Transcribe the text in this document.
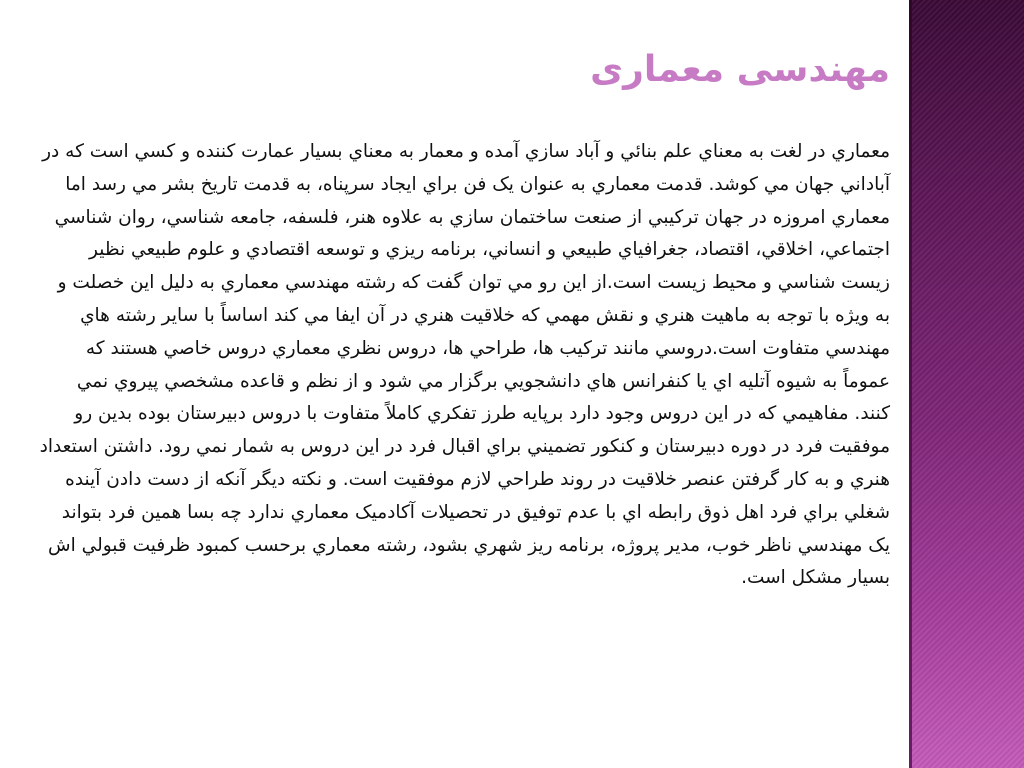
مهندسی معماری

معماري در لغت به معناي علم بنائي و آباد سازي آمده و معمار به معناي بسيار عمارت كننده و كسي است كه در آباداني جهان مي كوشد. قدمت معماري به عنوان يک فن براي ايجاد سرپناه، به قدمت تاريخ بشر مي رسد اما معماري امروزه در جهان تركيبي از صنعت ساختمان سازي به علاوه هنر، فلسفه، جامعه شناسي، روان شناسي اجتماعي، اخلاقي، اقتصاد، جغرافياي طبيعي و انساني، برنامه ريزي و توسعه اقتصادي و علوم طبيعي نظير زيست شناسي و محيط زيست است.از اين رو مي توان گفت كه رشته مهندسي معماري به دليل اين خصلت و به ويژه با توجه به ماهيت هنري و نقش مهمي كه خلاقيت هنري در آن ايفا مي كند اساساً با ساير رشته هاي مهندسي متفاوت است.دروسي مانند تركيب ها، طراحي ها، دروس نظري معماري دروس خاصي هستند كه عموماً به شيوه آتليه اي يا كنفرانس هاي دانشجويي برگزار مي شود و از نظم و قاعده مشخصي پيروي نمي كنند. مفاهيمي كه در اين دروس وجود دارد برپايه طرز تفكري كاملاً متفاوت با دروس دبيرستان بوده بدين رو موفقيت فرد در دوره دبيرستان و كنكور تضميني براي اقبال فرد در اين دروس به شمار نمي رود. داشتن استعداد هنري و به كار گرفتن عنصر خلاقيت در روند طراحي لازم موفقيت است. و نكته ديگر آنكه از دست دادن آينده شغلي براي فرد اهل ذوق رابطه اي با عدم توفيق در تحصيلات آكادميک معماري ندارد چه بسا همين فرد بتواند يک مهندسي ناظر خوب، مدير پروژه، برنامه ريز شهري بشود، رشته معماري برحسب كمبود ظرفيت قبولي اش بسيار مشكل است.
